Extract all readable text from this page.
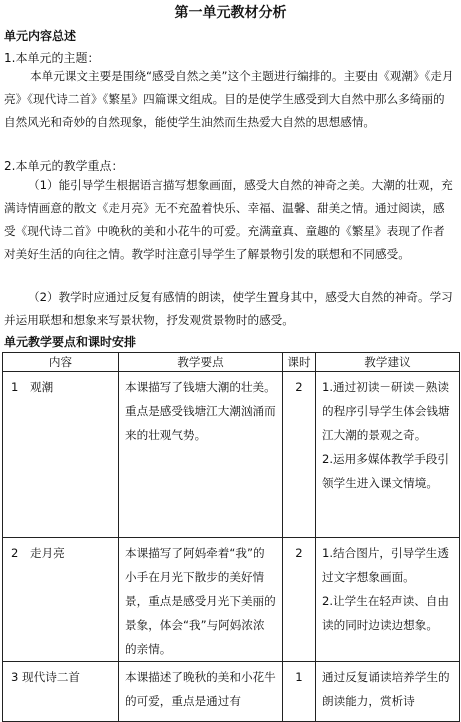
第一单元教材分析
单元内容总述
1.本单元的主题：

本单元课文主要是围绕“感受自然之美”这个主题进行编排的。主要由《观潮》《走月亮》《现代诗二首》《繁星》四篇课文组成。目的是使学生感受到大自然中那么多绮丽的自然风光和奇妙的自然现象，能使学生油然而生热爱大自然的思想感情。

2.本单元的教学重点：

（1）能引导学生根据语言描写想象画面，感受大自然的神奇之美。大潮的壮观，充满诗情画意的散文《走月亮》无不充盈着快乐、幸福、温馨、甜美之情。通过阅读，感受《现代诗二首》中晚秋的美和小花牛的可爱。充满童真、童趣的《繁星》表现了作者对美好生活的向往之情。教学时注意引导学生了解景物引发的联想和不同感受。

（2）教学时应通过反复有感情的朗读，使学生置身其中，感受大自然的神奇。学习并运用联想和想象来写景状物，抒发观赏景物时的感受。

单元教学要点和课时安排
内容	教学要点	课时	教学建议

1　观潮	本课描写了钱塘大潮的壮美。重点是感受钱塘江大潮汹涌而来的壮观气势。	2	1.通过初读－研读－熟读的程序引导学生体会钱塘江大潮的景观之奇。
2.运用多媒体教学手段引领学生进入课文情境。

2　走月亮	本课描写了阿妈牵着“我”的小手在月光下散步的美好情景，重点是感受月光下美丽的景象，体会“我”与阿妈浓浓的亲情。	2	1.结合图片，引导学生透过文字想象画面。
2.让学生在轻声读、自由读的同时边读边想象。

3 现代诗二首	本课描述了晚秋的美和小花牛的可爱，重点是通过有	1	通过反复诵读培养学生的朗读能力，赏析诗
